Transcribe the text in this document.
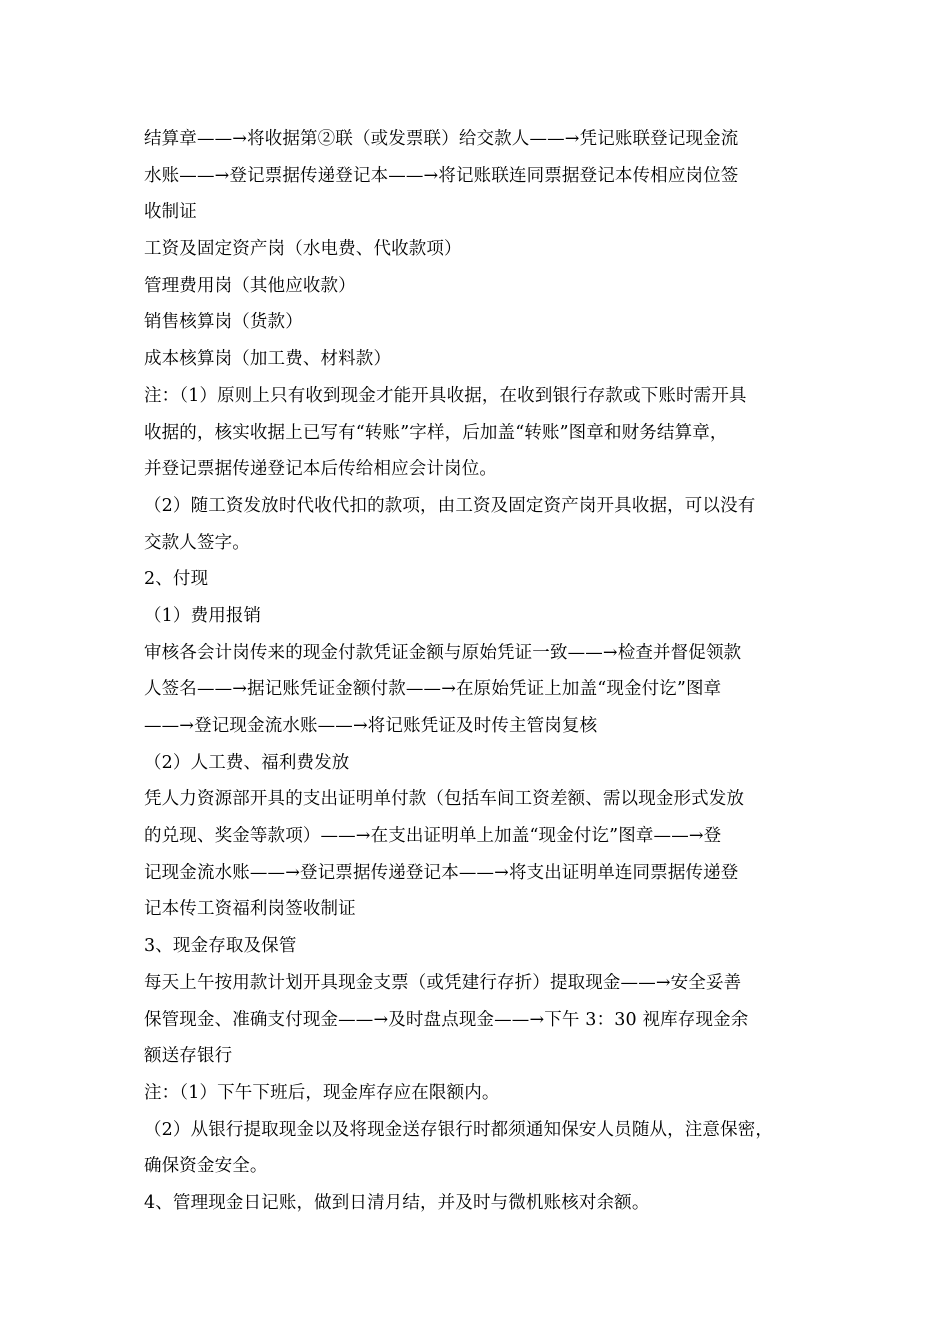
结算章——→将收据第②联（或发票联）给交款人——→凭记账联登记现金流
水账——→登记票据传递登记本——→将记账联连同票据登记本传相应岗位签
收制证
工资及固定资产岗（水电费、代收款项）
管理费用岗（其他应收款）
销售核算岗（货款）
成本核算岗（加工费、材料款）
注：（1）原则上只有收到现金才能开具收据，在收到银行存款或下账时需开具
收据的，核实收据上已写有“转账”字样，后加盖“转账”图章和财务结算章，
并登记票据传递登记本后传给相应会计岗位。
（2）随工资发放时代收代扣的款项，由工资及固定资产岗开具收据，可以没有
交款人签字。
2、付现
（1）费用报销
审核各会计岗传来的现金付款凭证金额与原始凭证一致——→检查并督促领款
人签名——→据记账凭证金额付款——→在原始凭证上加盖“现金付讫”图章
——→登记现金流水账——→将记账凭证及时传主管岗复核
（2）人工费、福利费发放
凭人力资源部开具的支出证明单付款（包括车间工资差额、需以现金形式发放
的兑现、奖金等款项）——→在支出证明单上加盖“现金付讫”图章——→登
记现金流水账——→登记票据传递登记本——→将支出证明单连同票据传递登
记本传工资福利岗签收制证
3、现金存取及保管
每天上午按用款计划开具现金支票（或凭建行存折）提取现金——→安全妥善
保管现金、准确支付现金——→及时盘点现金——→下午 3：30 视库存现金余
额送存银行
注：（1）下午下班后，现金库存应在限额内。
（2）从银行提取现金以及将现金送存银行时都须通知保安人员随从，注意保密，
确保资金安全。
4、管理现金日记账，做到日清月结，并及时与微机账核对余额。
